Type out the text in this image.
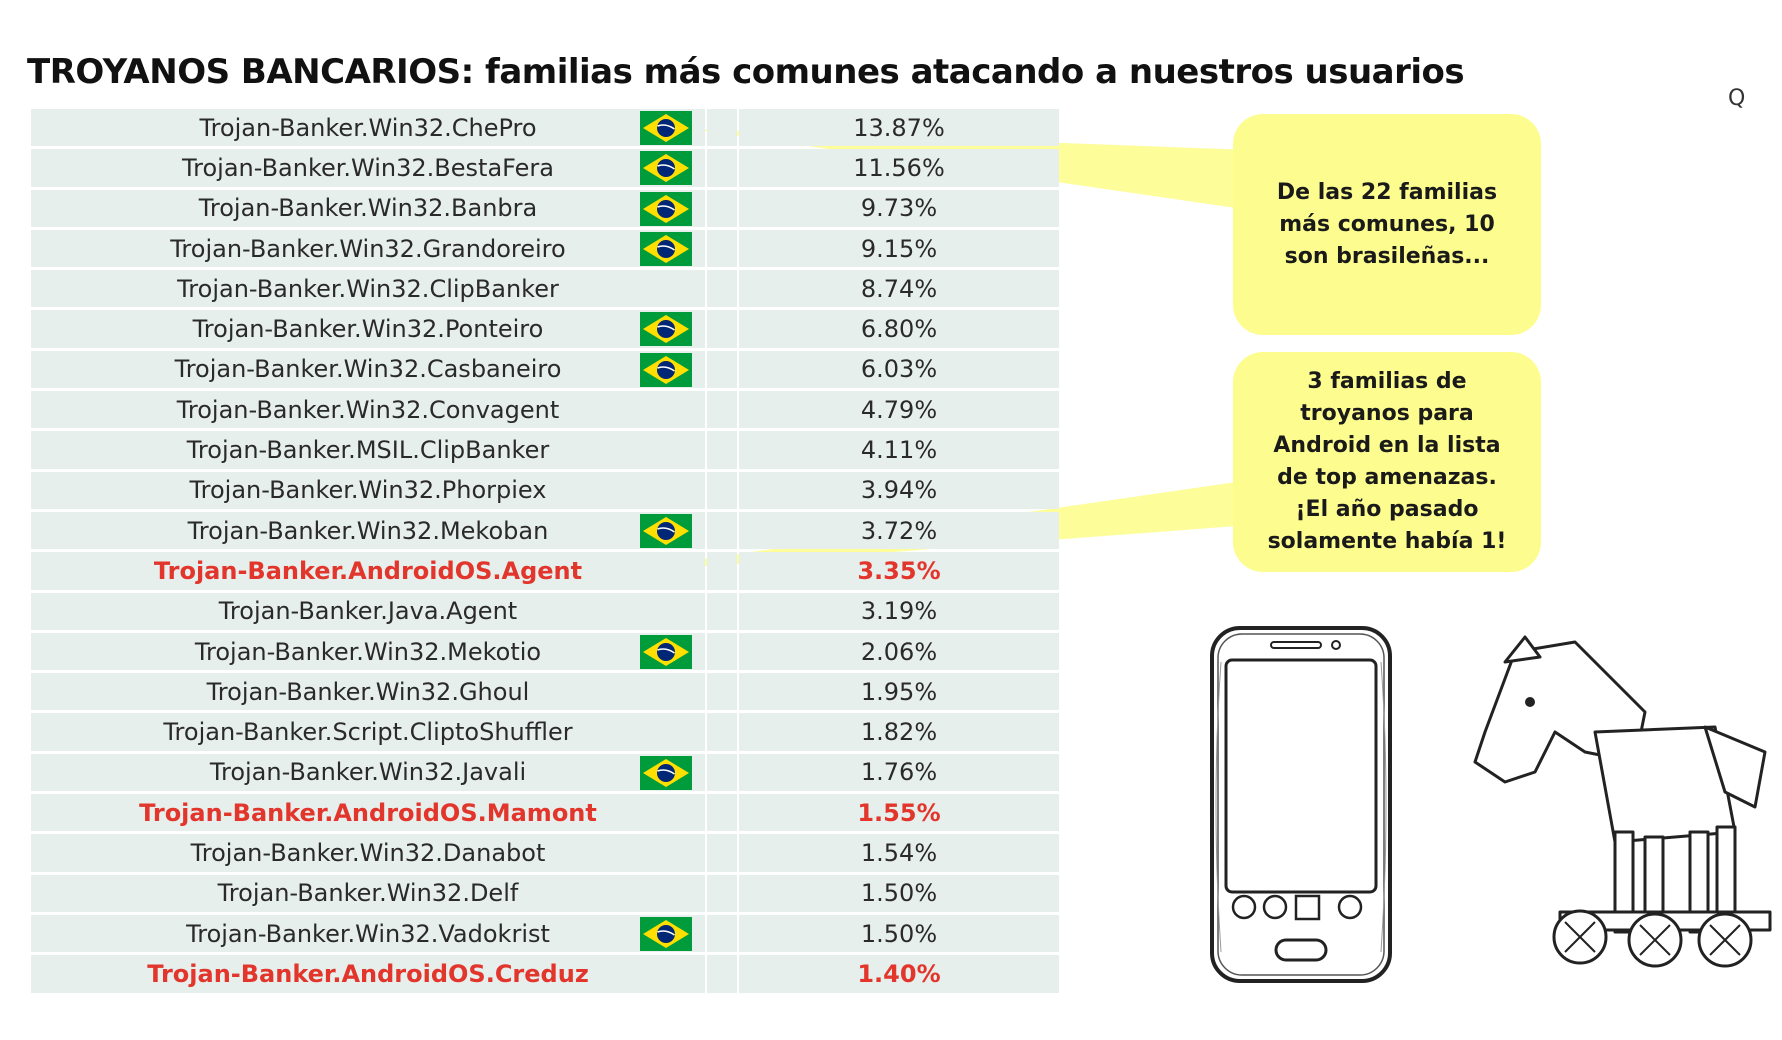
TROYANOS BANCARIOS: familias más comunes atacando a nuestros usuarios
Q
Trojan-Banker.Win32.ChePro	13.87%
Trojan-Banker.Win32.BestaFera	11.56%
Trojan-Banker.Win32.Banbra	9.73%
Trojan-Banker.Win32.Grandoreiro	9.15%
Trojan-Banker.Win32.ClipBanker	8.74%
Trojan-Banker.Win32.Ponteiro	6.80%
Trojan-Banker.Win32.Casbaneiro	6.03%
Trojan-Banker.Win32.Convagent	4.79%
Trojan-Banker.MSIL.ClipBanker	4.11%
Trojan-Banker.Win32.Phorpiex	3.94%
Trojan-Banker.Win32.Mekoban	3.72%
Trojan-Banker.AndroidOS.Agent	3.35%
Trojan-Banker.Java.Agent	3.19%
Trojan-Banker.Win32.Mekotio	2.06%
Trojan-Banker.Win32.Ghoul	1.95%
Trojan-Banker.Script.CliptoShuffler	1.82%
Trojan-Banker.Win32.Javali	1.76%
Trojan-Banker.AndroidOS.Mamont	1.55%
Trojan-Banker.Win32.Danabot	1.54%
Trojan-Banker.Win32.Delf	1.50%
Trojan-Banker.Win32.Vadokrist	1.50%
Trojan-Banker.AndroidOS.Creduz	1.40%
De las 22 familias
más comunes, 10
son brasileñas...
3 familias de
troyanos para
Android en la lista
de top amenazas.
¡El año pasado
solamente había 1!
